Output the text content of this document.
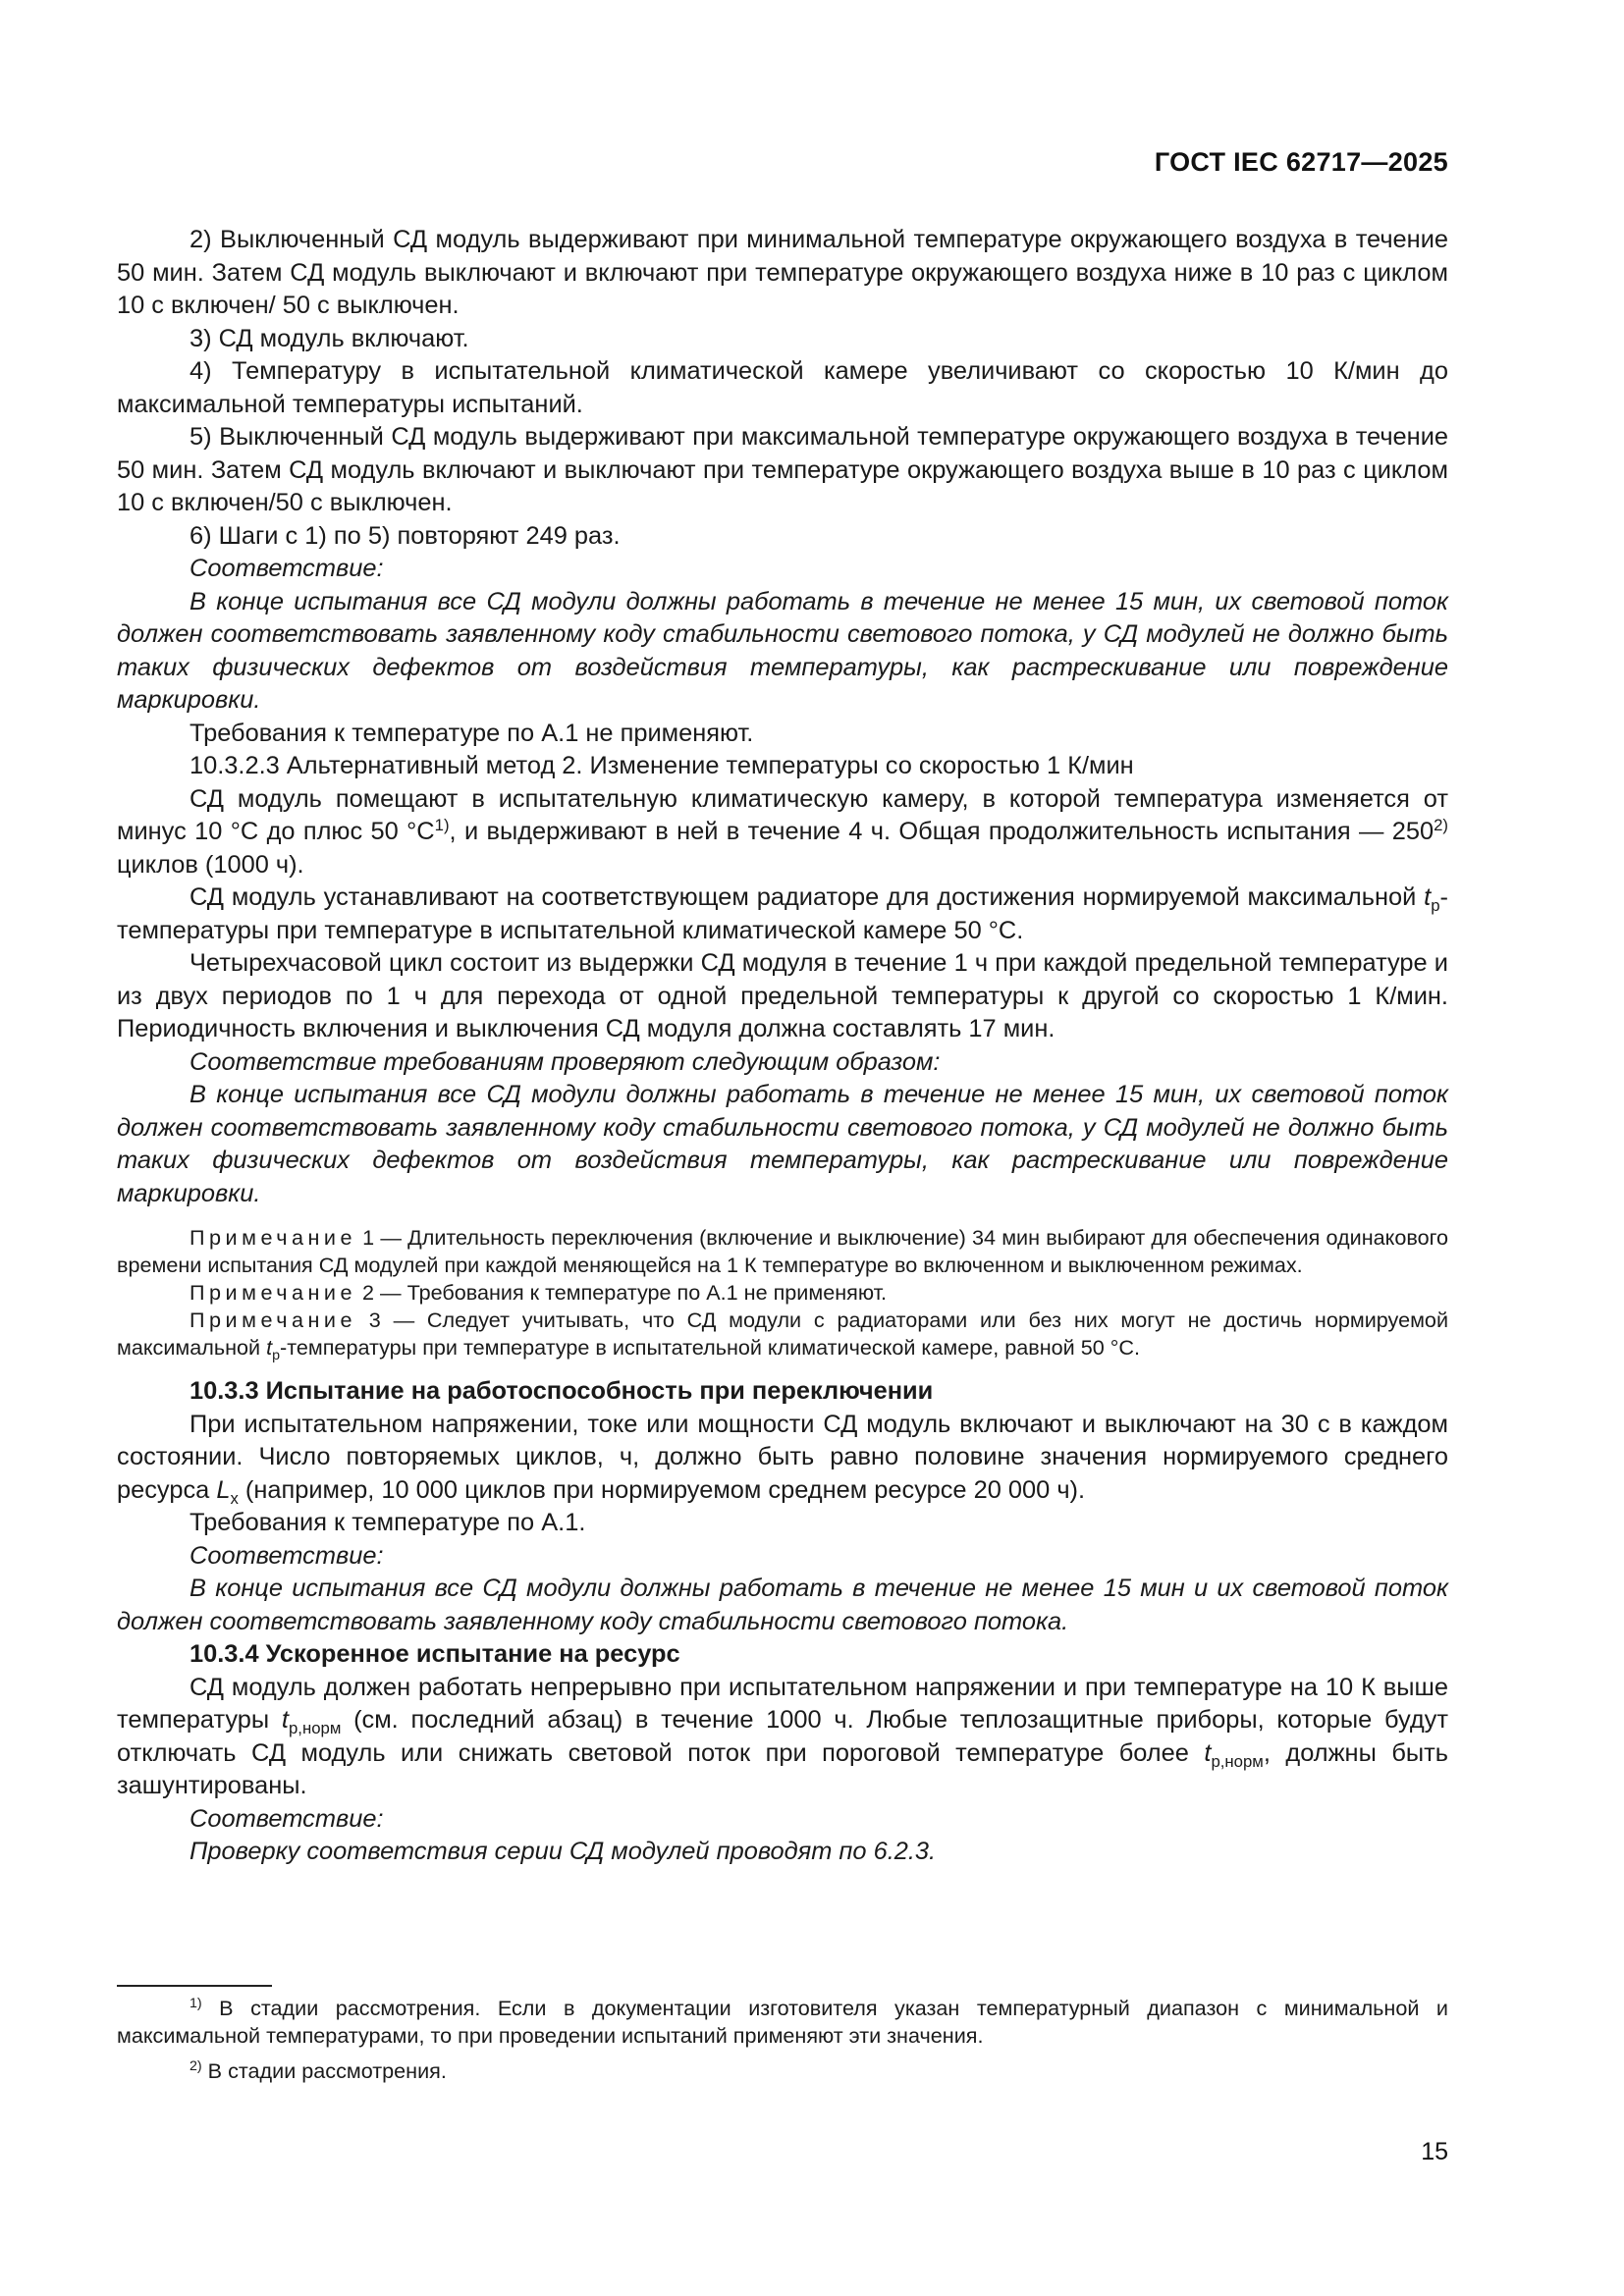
ГОСТ IEC 62717—2025

2) Выключенный СД модуль выдерживают при минимальной температуре окружающего воздуха в течение 50 мин. Затем СД модуль выключают и включают при температуре окружающего воздуха ниже в 10 раз с циклом 10 с включен/ 50 с выключен.

3) СД модуль включают.

4) Температуру в испытательной климатической камере увеличивают со скоростью 10 К/мин до максимальной температуры испытаний.

5) Выключенный СД модуль выдерживают при максимальной температуре окружающего воздуха в течение 50 мин. Затем СД модуль включают и выключают при температуре окружающего воздуха выше в 10 раз с циклом 10 с включен/50 с выключен.

6) Шаги с 1) по 5) повторяют 249 раз.

Соответствие:

В конце испытания все СД модули должны работать в течение не менее 15 мин, их световой поток должен соответствовать заявленному коду стабильности светового потока, у СД модулей не должно быть таких физических дефектов от воздействия температуры, как растрескивание или повреждение маркировки.

Требования к температуре по А.1 не применяют.

10.3.2.3 Альтернативный метод 2. Изменение температуры со скоростью 1 К/мин

СД модуль помещают в испытательную климатическую камеру, в которой температура изменяется от минус 10 °С до плюс 50 $^\circ С^{1)}$, и выдерживают в ней в течение 4 ч. Общая продолжительность испытания — 250$^{2)}$ циклов (1000 ч).

СД модуль устанавливают на соответствующем радиаторе для достижения нормируемой максимальной $t_p$-температуры при температуре в испытательной климатической камере 50 °С.

Четырехчасовой цикл состоит из выдержки СД модуля в течение 1 ч при каждой предельной температуре и из двух периодов по 1 ч для перехода от одной предельной температуры к другой со скоростью 1 К/мин. Периодичность включения и выключения СД модуля должна составлять 17 мин.

Соответствие требованиям проверяют следующим образом:

В конце испытания все СД модули должны работать в течение не менее 15 мин, их световой поток должен соответствовать заявленному коду стабильности светового потока, у СД модулей не должно быть таких физических дефектов от воздействия температуры, как растрескивание или повреждение маркировки.

Примечание 1 — Длительность переключения (включение и выключение) 34 мин выбирают для обеспечения одинакового времени испытания СД модулей при каждой меняющейся на 1 К температуре во включенном и выключенном режимах.

Примечание 2 — Требования к температуре по А.1 не применяют.

Примечание 3 — Следует учитывать, что СД модули с радиаторами или без них могут не достичь нормируемой максимальной $t_p$-температуры при температуре в испытательной климатической камере, равной 50 °С.

10.3.3 Испытание на работоспособность при переключении

При испытательном напряжении, токе или мощности СД модуль включают и выключают на 30 с в каждом состоянии. Число повторяемых циклов, ч, должно быть равно половине значения нормируемого среднего ресурса $L_x$ (например, 10 000 циклов при нормируемом среднем ресурсе 20 000 ч).

Требования к температуре по А.1.

Соответствие:

В конце испытания все СД модули должны работать в течение не менее 15 мин и их световой поток должен соответствовать заявленному коду стабильности светового потока.

10.3.4 Ускоренное испытание на ресурс

СД модуль должен работать непрерывно при испытательном напряжении и при температуре на 10 К выше температуры $t_{p,норм}$ (см. последний абзац) в течение 1000 ч. Любые теплозащитные приборы, которые будут отключать СД модуль или снижать световой поток при пороговой температуре более $t_{p,норм}$, должны быть зашунтированы.

Соответствие:

Проверку соответствия серии СД модулей проводят по 6.2.3.

$^{1)}$ В стадии рассмотрения. Если в документации изготовителя указан температурный диапазон с минимальной и максимальной температурами, то при проведении испытаний применяют эти значения.

$^{2)}$ В стадии рассмотрения.

15
